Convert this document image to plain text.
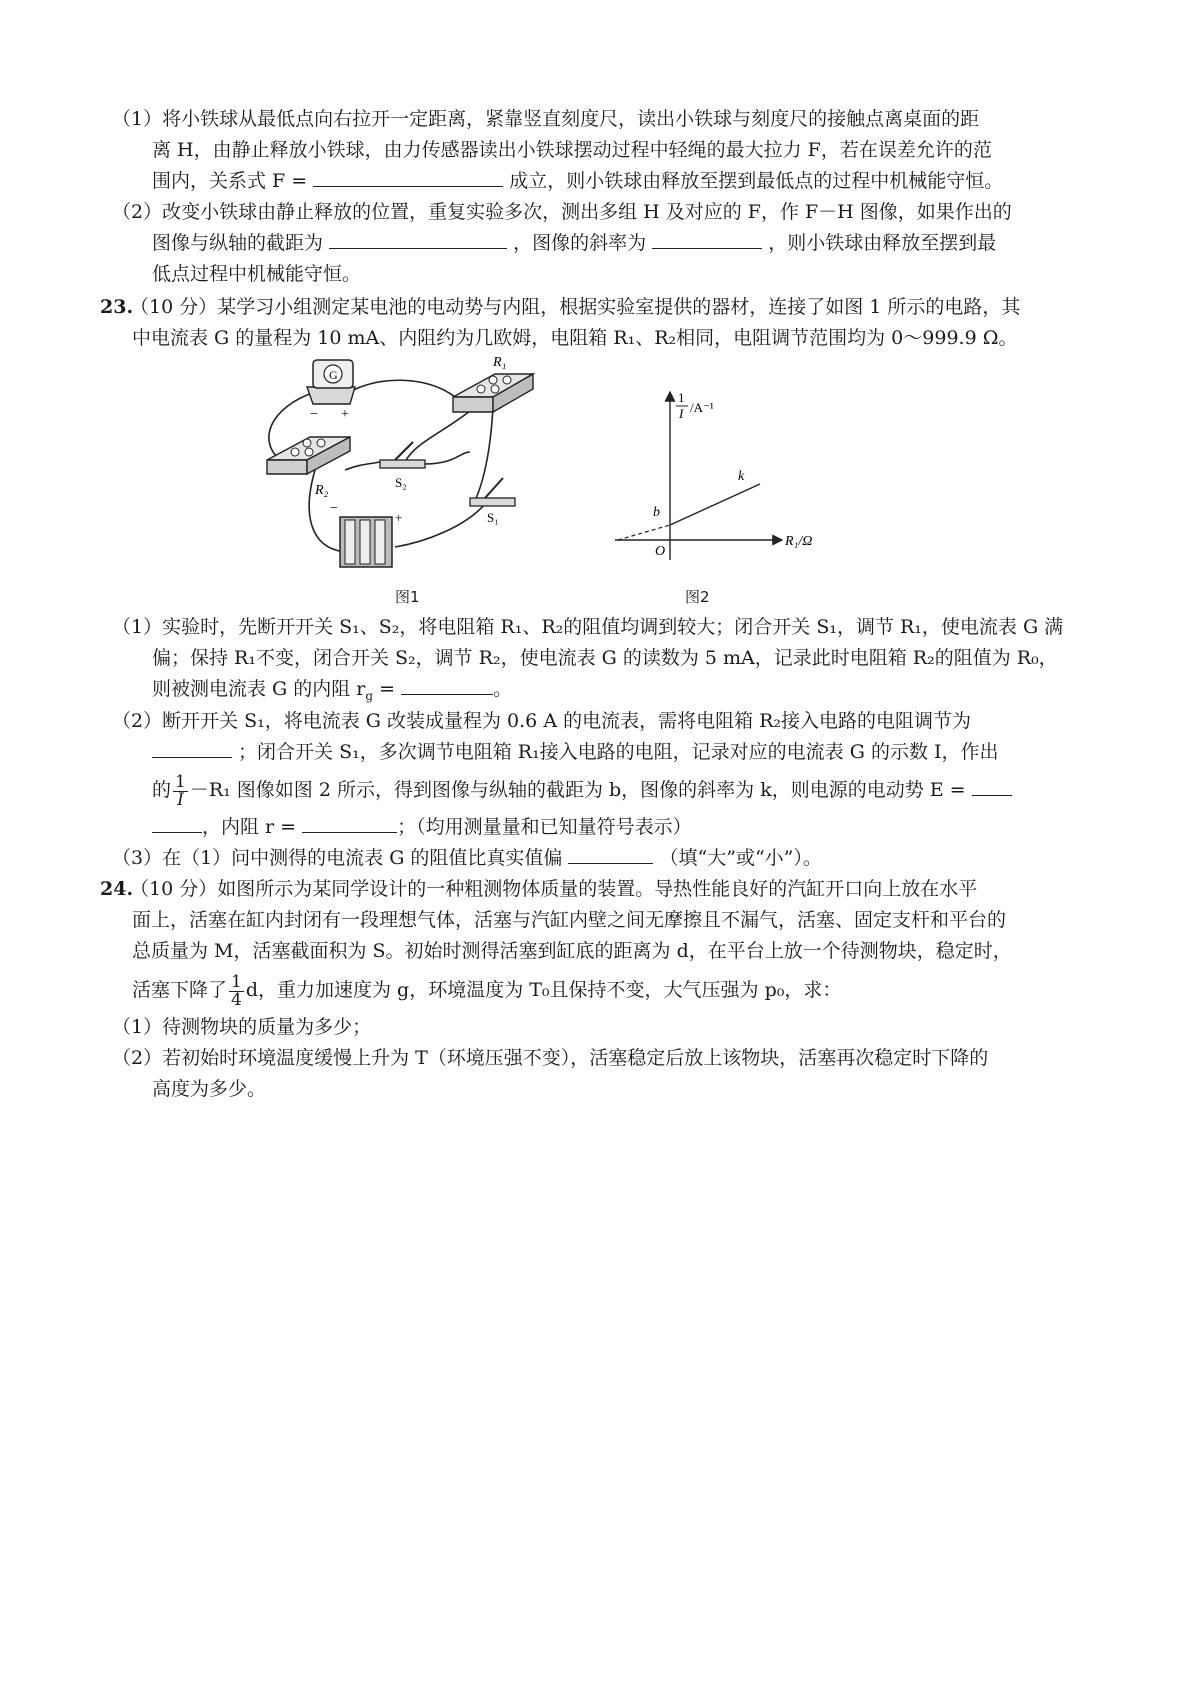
（1）将小铁球从最低点向右拉开一定距离，紧靠竖直刻度尺，读出小铁球与刻度尺的接触点离桌面的距
离 H，由静止释放小铁球，由力传感器读出小铁球摆动过程中轻绳的最大拉力 F，若在误差允许的范
围内，关系式 F =	成立，则小铁球由释放至摆到最低点的过程中机械能守恒。
（2）改变小铁球由静止释放的位置，重复实验多次，测出多组 H 及对应的 F，作 F－H 图像，如果作出的
图像与纵轴的截距为	，图像的斜率为	，则小铁球由释放至摆到最
低点过程中机械能守恒。
23.
（10 分）某学习小组测定某电池的电动势与内阻，根据实验室提供的器材，连接了如图 1 所示的电路，其
中电流表 G 的量程为 10 mA、内阻约为几欧姆，电阻箱 R₁、R₂相同，电阻调节范围均为 0～999.9 Ω。
G
− +
R₁
R₂
S₂
S₁
−
+
图1
1
I /A⁻¹
R₁/Ω
b
k
O
图2
（1）实验时，先断开开关 S₁、S₂，将电阻箱 R₁、R₂的阻值均调到较大；闭合开关 S₁，调节 R₁，使电流表 G 满
偏；保持 R₁不变，闭合开关 S₂，调节 R₂，使电流表 G 的读数为 5 mA，记录此时电阻箱 R₂的阻值为 R₀，
则被测电流表 G 的内阻 $r_g$ =	。
（2）断开开关 S₁，将电流表 G 改装成量程为 0.6 A 的电流表，需将电阻箱 R₂接入电路的电阻调节为
；闭合开关 S₁，多次调节电阻箱 R₁接入电路的电阻，记录对应的电流表 G 的示数 I，作出
的 $\frac{1}{I} -R_1$ 图像如图 2 所示，得到图像与纵轴的截距为 b，图像的斜率为 k，则电源的电动势 E =
，内阻 r =	；（均用测量量和已知量符号表示）
（3）在（1）问中测得的电流表 G 的阻值比真实值偏	（填“大”或“小”）。
24.
（10 分）如图所示为某同学设计的一种粗测物体质量的装置。导热性能良好的汽缸开口向上放在水平
面上，活塞在缸内封闭有一段理想气体，活塞与汽缸内壁之间无摩擦且不漏气，活塞、固定支杆和平台的
总质量为 M，活塞截面积为 S。初始时测得活塞到缸底的距离为 d，在平台上放一个待测物块，稳定时，
活塞下降了 $\frac{1}{4}$ d，重力加速度为 g，环境温度为 T₀且保持不变，大气压强为 p₀，求：
（1）待测物块的质量为多少；
（2）若初始时环境温度缓慢上升为 T（环境压强不变），活塞稳定后放上该物块，活塞再次稳定时下降的
高度为多少。
